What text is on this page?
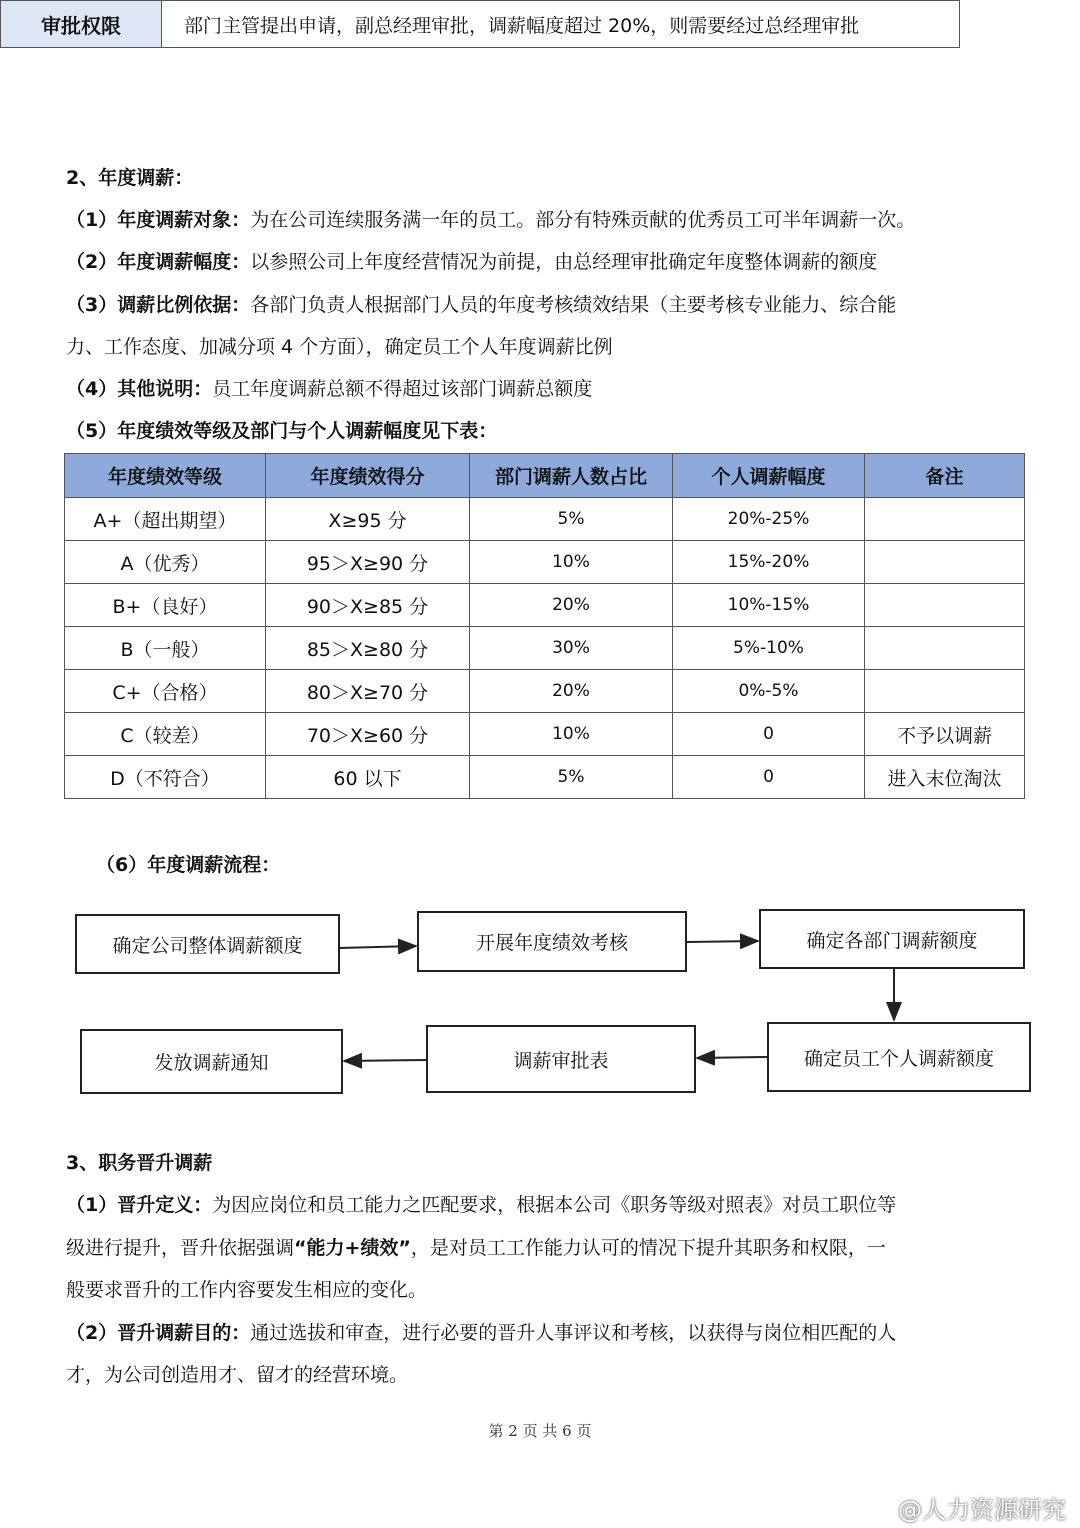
审批权限	部门主管提出申请，副总经理审批，调薪幅度超过 20%，则需要经过总经理审批
2、年度调薪：
（1）年度调薪对象：为在公司连续服务满一年的员工。部分有特殊贡献的优秀员工可半年调薪一次。
（2）年度调薪幅度：以参照公司上年度经营情况为前提，由总经理审批确定年度整体调薪的额度
（3）调薪比例依据：各部门负责人根据部门人员的年度考核绩效结果（主要考核专业能力、综合能
力、工作态度、加减分项 4 个方面），确定员工个人年度调薪比例
（4）其他说明：员工年度调薪总额不得超过该部门调薪总额度
（5）年度绩效等级及部门与个人调薪幅度见下表：
年度绩效等级	年度绩效得分	部门调薪人数占比	个人调薪幅度	备注
A+（超出期望）	X≥95 分	5%	20%-25%	
A（优秀）	95＞X≥90 分	10%	15%-20%	
B+（良好）	90＞X≥85 分	20%	10%-15%	
B（一般）	85＞X≥80 分	30%	5%-10%	
C+（合格）	80＞X≥70 分	20%	0%-5%	
C（较差）	70＞X≥60 分	10%	0	不予以调薪
D（不符合）	60 以下	5%	0	进入末位淘汰
（6）年度调薪流程：
确定公司整体调薪额度	开展年度绩效考核	确定各部门调薪额度
确定员工个人调薪额度
调薪审批表
发放调薪通知
3、职务晋升调薪
（1）晋升定义：为因应岗位和员工能力之匹配要求，根据本公司《职务等级对照表》对员工职位等
级进行提升，晋升依据强调“能力+绩效”，是对员工工作能力认可的情况下提升其职务和权限，一
般要求晋升的工作内容要发生相应的变化。
（2）晋升调薪目的：通过选拔和审查，进行必要的晋升人事评议和考核，以获得与岗位相匹配的人
才，为公司创造用才、留才的经营环境。
第 2 页 共 6 页
@人力资源研究
